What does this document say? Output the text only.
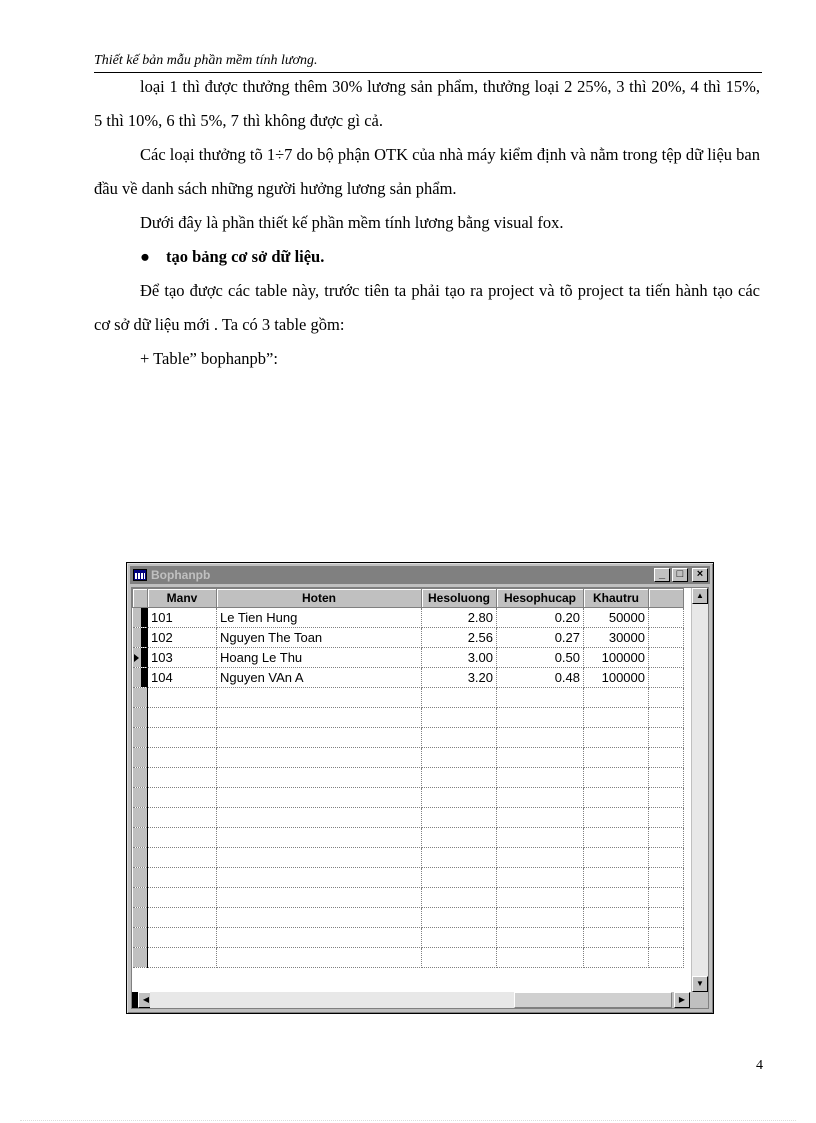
Thiết kế bản mẫu phần mềm tính lương.

loại 1 thì được thưởng thêm 30% lương sản phẩm, thưởng loại 2 25%, 3 thì 20%, 4 thì 15%, 5 thì 10%, 6 thì 5%, 7 thì không được gì cả.

Các loại thưởng tõ 1÷7 do bộ phận OTK của nhà máy kiểm định và nằm trong tệp dữ liệu ban đầu về danh sách những người hưởng lương sản phẩm.

Dưới đây là phần thiết kế phần mềm tính lương bằng visual fox.

● tạo bảng cơ sở dữ liệu.

Để tạo được các table này, trước tiên ta phải tạo ra project và tõ project ta tiến hành tạo các cơ sở dữ liệu mới . Ta có 3 table gồm:

+ Table” bophanpb”:

Bophanpb	_	□	×
	Manv	Hoten	Hesoluong	Hesophucap	Khautru	
	101	Le Tien Hung	2.80	0.20	50000	
	102	Nguyen The Toan	2.56	0.27	30000	
	103	Hoang Le Thu	3.00	0.50	100000	
	104	Nguyen VAn A	3.20	0.48	100000	

▲
▼
◀	▶
4
